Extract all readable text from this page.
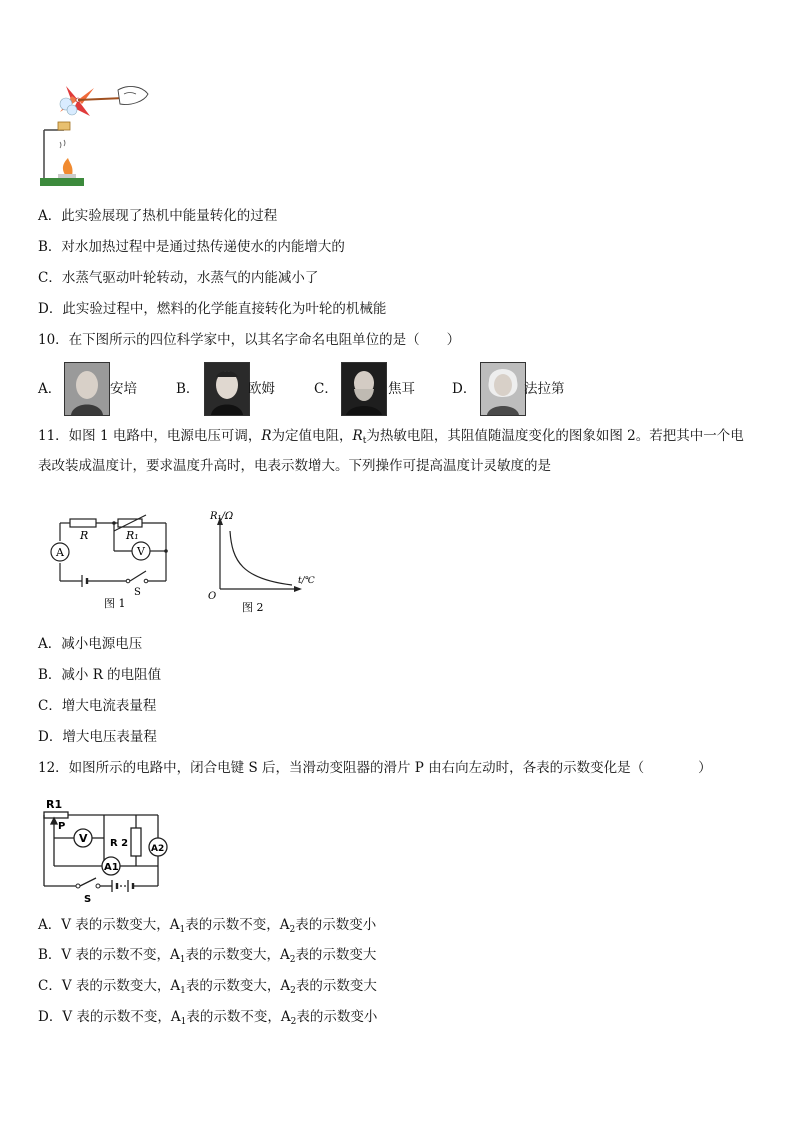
A．此实验展现了热机中能量转化的过程
B．对水加热过程中是通过热传递使水的内能增大的
C．水蒸气驱动叶轮转动，水蒸气的内能减小了
D．此实验过程中，燃料的化学能直接转化为叶轮的机械能
10．在下图所示的四位科学家中，以其名字命名电阻单位的是（　　）
A．	安培	B．	欧姆	C．	焦耳	D．	法拉第
11．如图 1 电路中，电源电压可调，R为定值电阻，$R_t$为热敏电阻，其阻值随温度变化的图象如图 2。若把其中一个电
表改装成温度计，要求温度升高时，电表示数增大。下列操作可提高温度计灵敏度的是
A	V
R	R₁
S
图 1
R₁/Ω
t/℃
O
图 2
A．减小电源电压
B．减小 R 的电阻值
C．增大电流表量程
D．增大电压表量程
12．如图所示的电路中，闭合电键 S 后，当滑动变阻器的滑片 P 由右向左动时，各表的示数变化是（　　　　）
R1
P
V R 2
A1
A2
S
A．V 表的示数变大，$A_1$表的示数不变，$A_2$表的示数变小
B．V 表的示数不变，$A_1$表的示数变大，$A_2$表的示数变大
C．V 表的示数变大，$A_1$表的示数变大，$A_2$表的示数变大
D．V 表的示数不变，$A_1$表的示数不变，$A_2$表的示数变小
